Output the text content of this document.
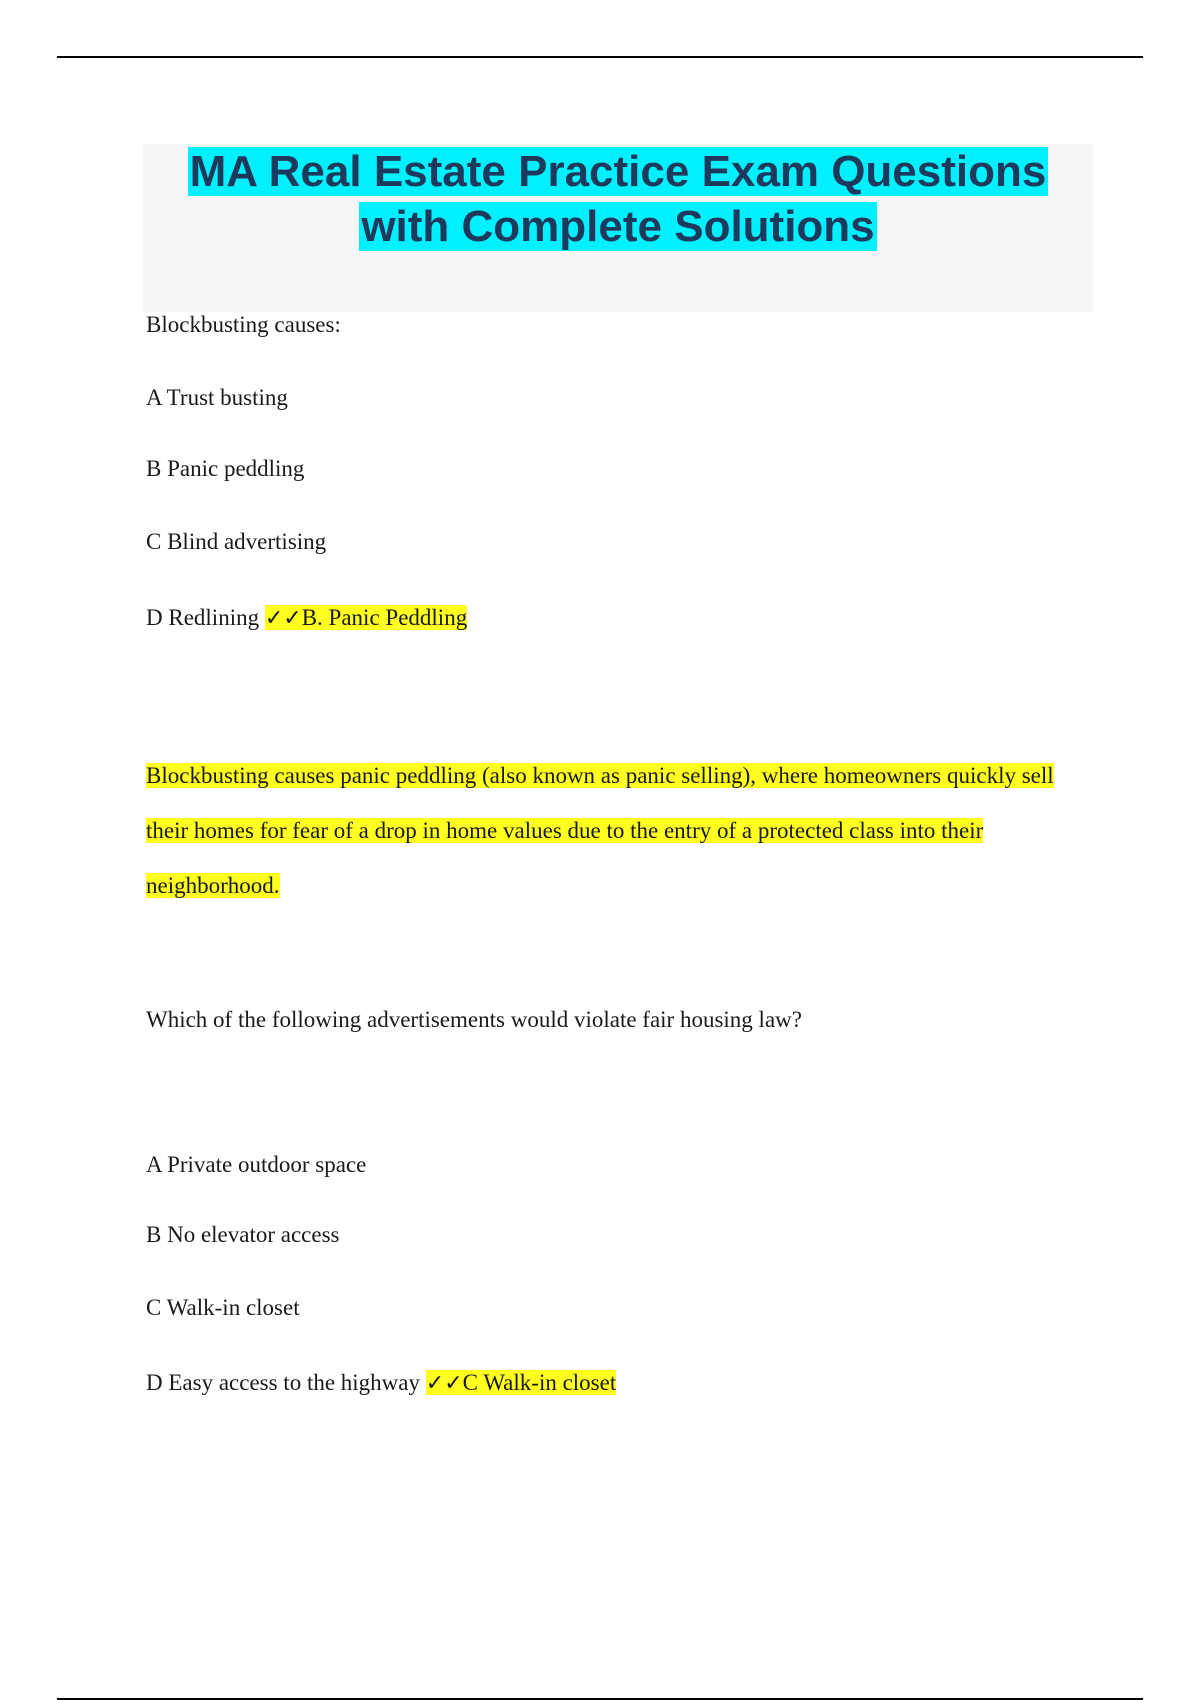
MA Real Estate Practice Exam Questions
with Complete Solutions

Blockbusting causes:

A Trust busting

B Panic peddling

C Blind advertising

D Redlining ✓✓B. Panic Peddling

Blockbusting causes panic peddling (also known as panic selling), where homeowners quickly sell their homes for fear of a drop in home values due to the entry of a protected class into their neighborhood.

Which of the following advertisements would violate fair housing law?

A Private outdoor space

B No elevator access

C Walk-in closet

D Easy access to the highway ✓✓C Walk-in closet
